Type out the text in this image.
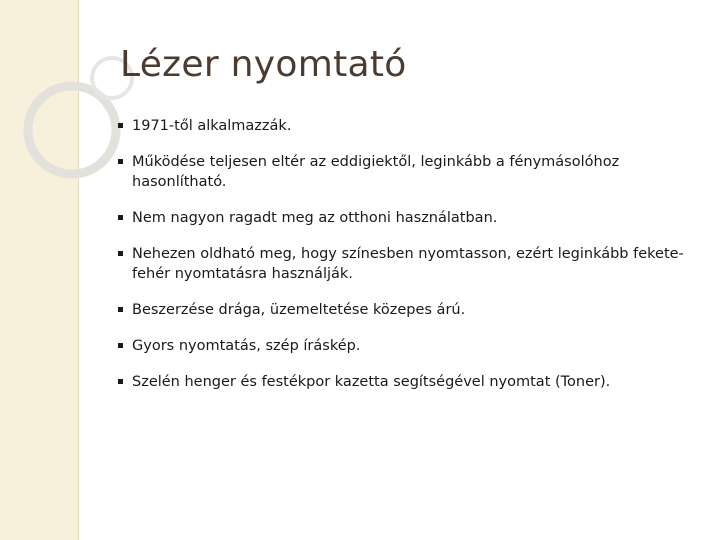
Lézer nyomtató
1971-től alkalmazzák.
Működése teljesen eltér az eddigiektől, leginkább a fénymásolóhoz hasonlítható.
Nem nagyon ragadt meg az otthoni használatban.
Nehezen oldható meg, hogy színesben nyomtasson, ezért leginkább fekete-fehér nyomtatásra használják.
Beszerzése drága, üzemeltetése közepes árú.
Gyors nyomtatás, szép íráskép.
Szelén henger és festékpor kazetta segítségével nyomtat (Toner).
